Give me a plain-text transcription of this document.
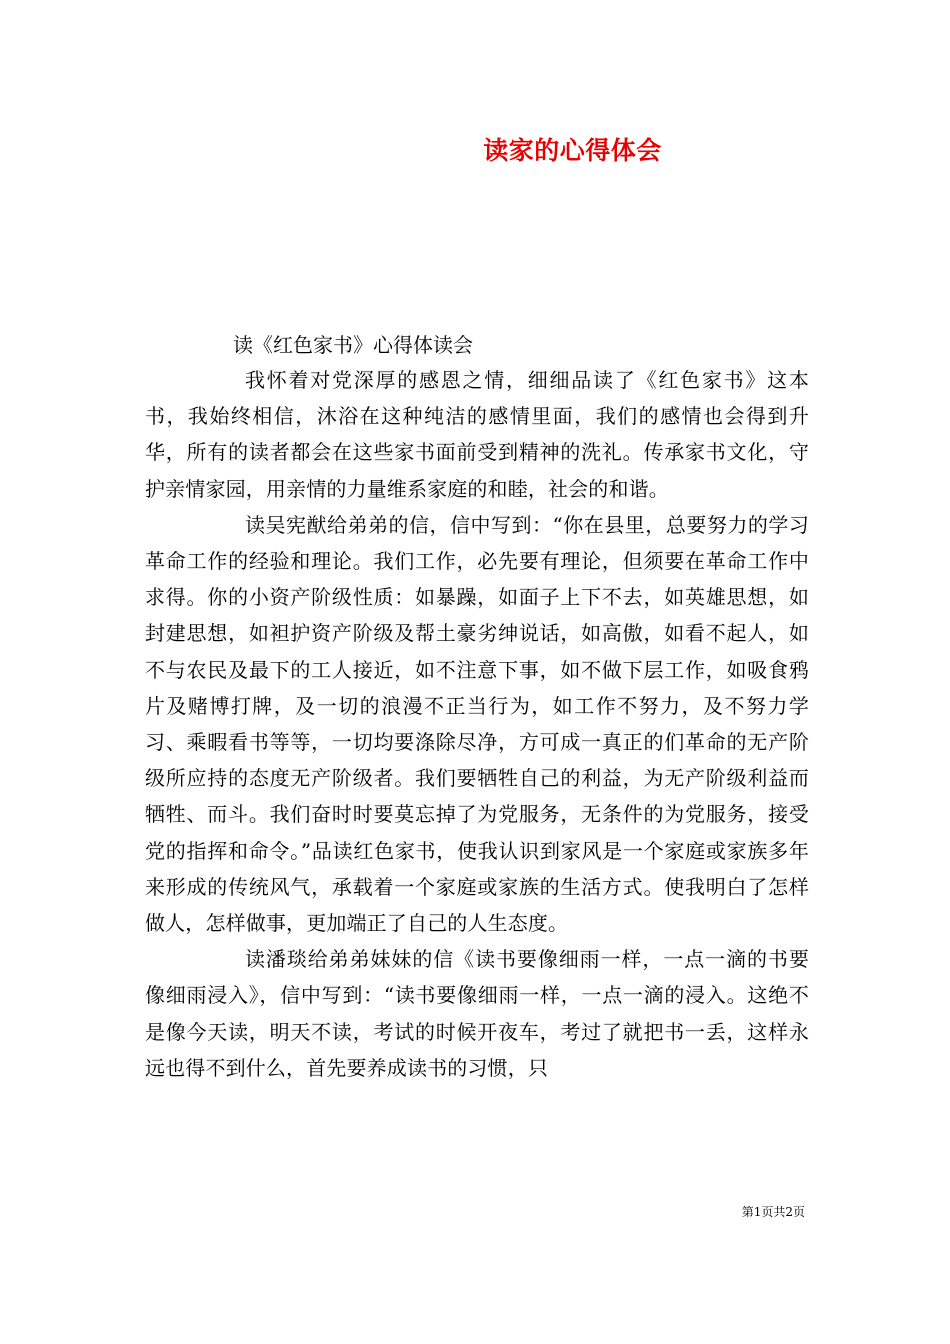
读家的心得体会

读《红色家书》心得体读会

我怀着对党深厚的感恩之情，细细品读了《红色家书》这本书，我始终相信，沐浴在这种纯洁的感情里面，我们的感情也会得到升华，所有的读者都会在这些家书面前受到精神的洗礼。传承家书文化，守护亲情家园，用亲情的力量维系家庭的和睦，社会的和谐。

读吴宪猷给弟弟的信，信中写到：“你在县里，总要努力的学习革命工作的经验和理论。我们工作，必先要有理论，但须要在革命工作中求得。你的小资产阶级性质：如暴躁，如面子上下不去，如英雄思想，如封建思想，如袒护资产阶级及帮土豪劣绅说话，如高傲，如看不起人，如不与农民及最下的工人接近，如不注意下事，如不做下层工作，如吸食鸦片及赌博打牌，及一切的浪漫不正当行为，如工作不努力，及不努力学习、乘暇看书等等，一切均要涤除尽净，方可成一真正的们革命的无产阶级所应持的态度无产阶级者。我们要牺牲自己的利益，为无产阶级利益而牺牲、而斗。我们奋时时要莫忘掉了为党服务，无条件的为党服务，接受党的指挥和命令。”品读红色家书，使我认识到家风是一个家庭或家族多年来形成的传统风气，承载着一个家庭或家族的生活方式。使我明白了怎样做人，怎样做事，更加端正了自己的人生态度。

读潘琰给弟弟妹妹的信《读书要像细雨一样，一点一滴的书要像细雨浸入》，信中写到：“读书要像细雨一样，一点一滴的浸入。这绝不是像今天读，明天不读，考试的时候开夜车，考过了就把书一丢，这样永远也得不到什么，首先要养成读书的习惯，只

第1页共2页
